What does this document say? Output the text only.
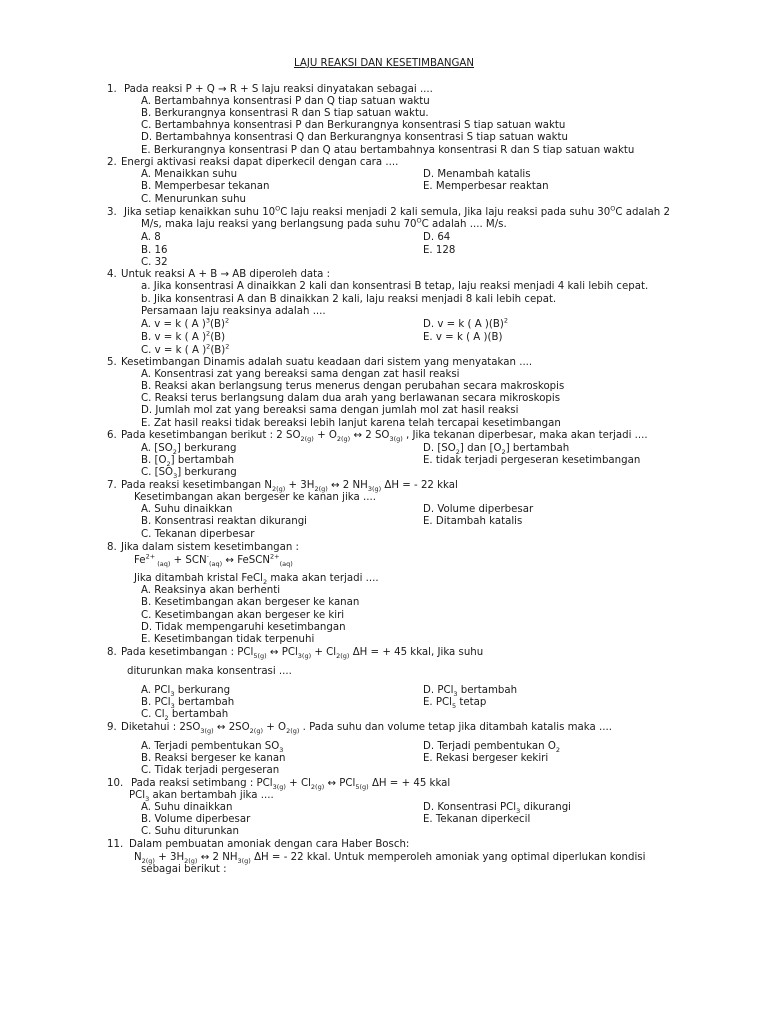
LAJU REAKSI DAN KESETIMBANGAN
1. Pada reaksi P + Q → R + S laju reaksi dinyatakan sebagai ....
A. Bertambahnya konsentrasi P dan Q tiap satuan waktu
B. Berkurangnya konsentrasi R dan S tiap satuan waktu.
C. Bertambahnya konsentrasi P dan Berkurangnya konsentrasi S tiap satuan waktu
D. Bertambahnya konsentrasi Q dan Berkurangnya konsentrasi S tiap satuan waktu
E. Berkurangnya konsentrasi P dan Q atau bertambahnya konsentrasi R dan S tiap satuan waktu
2. Energi aktivasi reaksi dapat diperkecil dengan cara ....
A. Menaikkan suhu	D. Menambah katalis
B. Memperbesar tekanan	E. Memperbesar reaktan
C. Menurunkan suhu
3. Jika setiap kenaikkan suhu $10^OC$ laju reaksi menjadi 2 kali semula, Jika laju reaksi pada suhu $30^OC$ adalah 2
M/s, maka laju reaksi yang berlangsung pada suhu $70^OC$ adalah .... M/s.
A. 8	D. 64
B. 16	E. 128
C. 32
4. Untuk reaksi A + B → AB diperoleh data :
a. Jika konsentrasi A dinaikkan 2 kali dan konsentrasi B tetap, laju reaksi menjadi 4 kali lebih cepat.
b. Jika konsentrasi A dan B dinaikkan 2 kali, laju reaksi menjadi 8 kali lebih cepat.
Persamaan laju reaksinya adalah ....
A. v = k ( A )$^3(B)^2$	D. v = k ( A )$(B)^2$
B. v = k ( A )$^2$(B)	E. v = k ( A )(B)
C. v = k ( A )$^2(B)^2$
5. Kesetimbangan Dinamis adalah suatu keadaan dari sistem yang menyatakan ....
A. Konsentrasi zat yang bereaksi sama dengan zat hasil reaksi
B. Reaksi akan berlangsung terus menerus dengan perubahan secara makroskopis
C. Reaksi terus berlangsung dalam dua arah yang berlawanan secara mikroskopis
D. Jumlah mol zat yang bereaksi sama dengan jumlah mol zat hasil reaksi
E. Zat hasil reaksi tidak bereaksi lebih lanjut karena telah tercapai kesetimbangan
6. Pada kesetimbangan berikut : 2 $SO_{2(g)} + O_{2(g)}$ ↔ 2 $SO_{3(g)}$ , Jika tekanan diperbesar, maka akan terjadi ....
A. $[SO_2]$ berkurang	D. $[SO_2]$ dan $[O_2]$ bertambah
B. $[O_2]$ bertambah	E. tidak terjadi pergeseran kesetimbangan
C. $[SO_3]$ berkurang
7. Pada reaksi kesetimbangan $N_{2(g)} + 3H_{2(g)}$ ↔ 2 $NH_{3(g)}$ ΔH = - 22 kkal
Kesetimbangan akan bergeser ke kanan jika ....
A. Suhu dinaikkan	D. Volume diperbesar
B. Konsentrasi reaktan dikurangi	E. Ditambah katalis
C. Tekanan diperbesar
8. Jika dalam sistem kesetimbangan :
$Fe^{2+}$ $_{(aq)} + SCN^-_{(aq)}$ ↔ FeSCN$^{2+}_{(aq)}$
Jika ditambah kristal FeCl$_2$ maka akan terjadi ....
A. Reaksinya akan berhenti
B. Kesetimbangan akan bergeser ke kanan
C. Kesetimbangan akan bergeser ke kiri
D. Tidak mempengaruhi kesetimbangan
E. Kesetimbangan tidak terpenuhi
8. Pada kesetimbangan : PCl$_{5(g)}$ ↔ $PCl_{3(g)} + Cl_{2(g)}$ ΔH = + 45 kkal, Jika suhu
diturunkan maka konsentrasi ....
A. PCl$_3$ berkurang	D. PCl$_3$ bertambah
B. PCl$_3$ bertambah	E. PCl$_5$ tetap
C. $Cl_2$ bertambah
9. Diketahui : $2SO_{3(g)}$ ↔ $2SO_{2(g)} + O_{2(g)}$ . Pada suhu dan volume tetap jika ditambah katalis maka ....
A. Terjadi pembentukan $SO_3$	D. Terjadi pembentukan $O_2$
B. Reaksi bergeser ke kanan	E. Rekasi bergeser kekiri
C. Tidak terjadi pergeseran
10. Pada reaksi setimbang : $PCl_{3(g)} + Cl_{2(g)}$ ↔ PCl$_{5(g)}$ ΔH = + 45 kkal
PCl$_3$ akan bertambah jika ....
A. Suhu dinaikkan	D. Konsentrasi PCl$_3$ dikurangi
B. Volume diperbesar	E. Tekanan diperkecil
C. Suhu diturunkan
11. Dalam pembuatan amoniak dengan cara Haber Bosch:
$N_{2(g)} + 3H_{2(g)}$ ↔ 2 $NH_{3(g)}$ ΔH = - 22 kkal. Untuk memperoleh amoniak yang optimal diperlukan kondisi
sebagai berikut :
